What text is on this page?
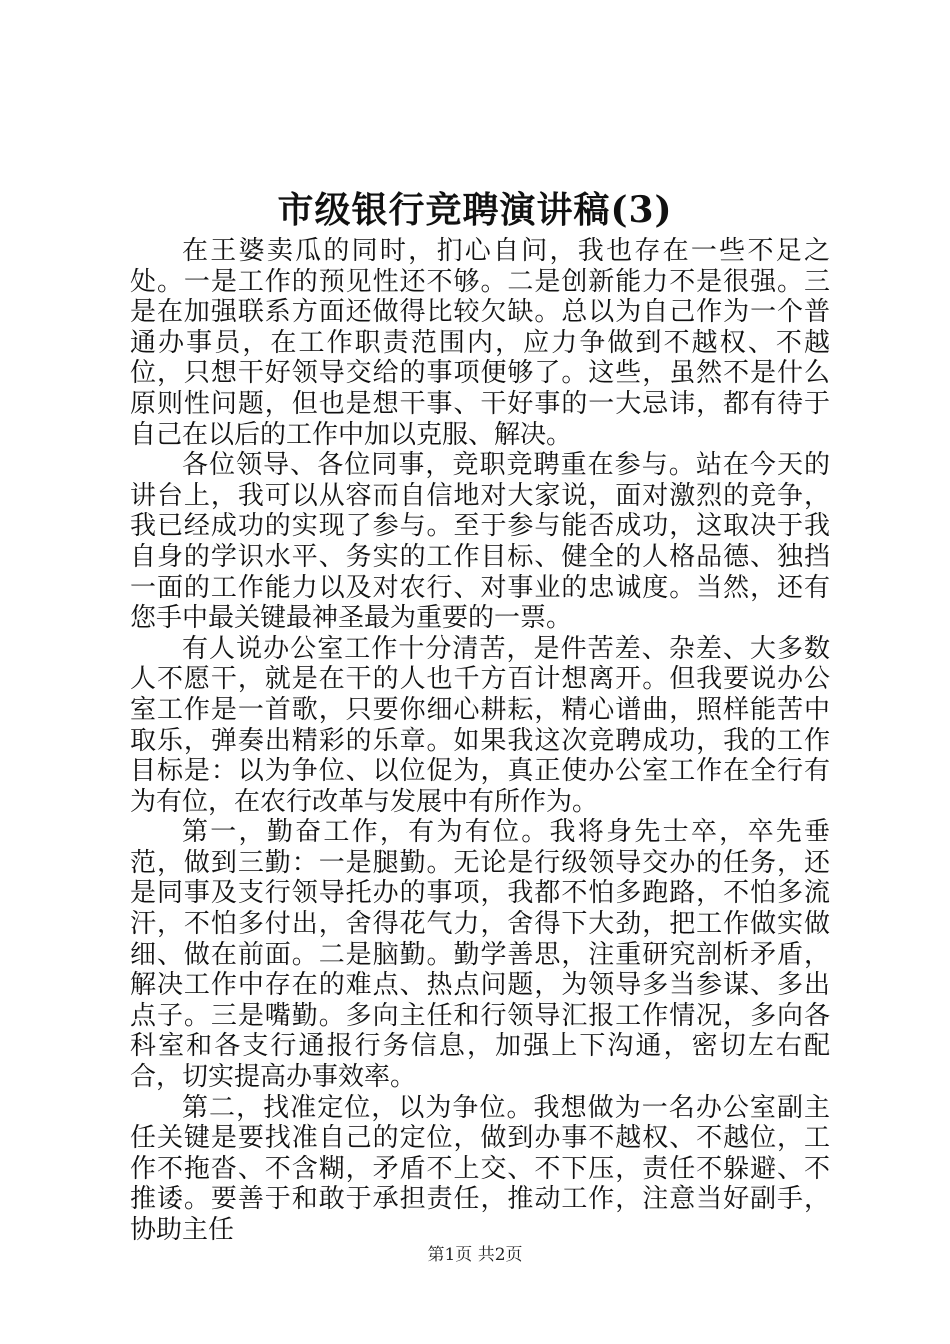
市级银行竞聘演讲稿(3)

在王婆卖瓜的同时，扪心自问，我也存在一些不足之处。一是工作的预见性还不够。二是创新能力不是很强。三是在加强联系方面还做得比较欠缺。总以为自己作为一个普通办事员，在工作职责范围内，应力争做到不越权、不越位，只想干好领导交给的事项便够了。这些，虽然不是什么原则性问题，但也是想干事、干好事的一大忌讳，都有待于自己在以后的工作中加以克服、解决。

各位领导、各位同事，竞职竞聘重在参与。站在今天的讲台上，我可以从容而自信地对大家说，面对激烈的竞争，我已经成功的实现了参与。至于参与能否成功，这取决于我自身的学识水平、务实的工作目标、健全的人格品德、独挡一面的工作能力以及对农行、对事业的忠诚度。当然，还有您手中最关键最神圣最为重要的一票。

有人说办公室工作十分清苦，是件苦差、杂差、大多数人不愿干，就是在干的人也千方百计想离开。但我要说办公室工作是一首歌，只要你细心耕耘，精心谱曲，照样能苦中取乐，弹奏出精彩的乐章。如果我这次竞聘成功，我的工作目标是：以为争位、以位促为，真正使办公室工作在全行有为有位，在农行改革与发展中有所作为。

第一，勤奋工作，有为有位。我将身先士卒，卒先垂范，做到三勤：一是腿勤。无论是行级领导交办的任务，还是同事及支行领导托办的事项，我都不怕多跑路，不怕多流汗，不怕多付出，舍得花气力，舍得下大劲，把工作做实做细、做在前面。二是脑勤。勤学善思，注重研究剖析矛盾，解决工作中存在的难点、热点问题，为领导多当参谋、多出点子。三是嘴勤。多向主任和行领导汇报工作情况，多向各科室和各支行通报行务信息，加强上下沟通，密切左右配合，切实提高办事效率。

第二，找准定位，以为争位。我想做为一名办公室副主任关键是要找准自己的定位，做到办事不越权、不越位，工作不拖沓、不含糊，矛盾不上交、不下压，责任不躲避、不推诿。要善于和敢于承担责任，推动工作，注意当好副手，协助主任

第1页 共2页
